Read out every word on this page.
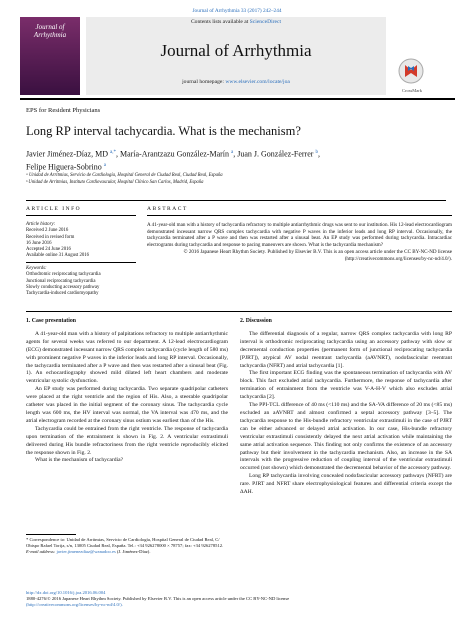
Journal of Arrhythmia 33 (2017) 242–244
Journal of Arrhythmia
Contents lists available at ScienceDirect
Journal of Arrhythmia
journal homepage: www.elsevier.com/locate/joa
CrossMark
EPS for Resident Physicians
Long RP interval tachycardia. What is the mechanism?
Javier Jiménez-Díaz, MD $^{a,*}$, María-Arantzazu González-Marín $^a$, Juan J. González-Ferrer $^b$,
Felipe Higuera-Sobrino $^a$
ᵃ Unidad de Arritmias, Servicio de Cardiología, Hospital General de Ciudad Real, Ciudad Real, España
ᵇ Unidad de Arritmias, Instituto Cardiovascular, Hospital Clínico San Carlos, Madrid, España
ARTICLE INFO	ABSTRACT
Article history:
Received 2 June 2016
Received in revised form
16 June 2016
Accepted 24 June 2016
Available online 31 August 2016
Keywords:
Orthodromic reciprocating tachycardia
Junctional reciprocating tachycardia
Slowly conducting accessory pathway
Tachycardia-induced cardiomyopathy
A 41-year-old man with a history of tachycardia refractory to multiple antiarrhythmic drugs was sent to our institution. His 12-lead electrocardiogram demonstrated incessant narrow QRS complex tachycardia with negative P waves in the inferior leads and long RP interval. Occasionally, the tachycardia terminated after a P wave and then was restarted after a sinusal beat. An EP study was performed during tachycardia. Intracardiac electrograms during tachycardia and response to pacing maneuvers are shown. What is the tachycardia mechanism?
© 2016 Japanese Heart Rhythm Society. Published by Elsevier B.V. This is an open access article under the CC BY-NC-ND license (http://creativecommons.org/licenses/by-nc-nd/4.0/).
1. Case presentation

A 41-year-old man with a history of palpitations refractory to multiple antiarrhythmic agents for several weeks was referred to our department. A 12-lead electrocardiogram (ECG) demonstrated incessant narrow QRS complex tachycardia (cycle length of 580 ms) with prominent negative P waves in the inferior leads and long RP interval. Occasionally, the tachycardia terminated after a P wave and then was restarted after a sinusal beat (Fig. 1). An echocardiography showed mild dilated left heart chambers and moderate ventricular systolic dysfunction.

An EP study was performed during tachycardia. Two separate quadripolar catheters were placed at the right ventricle and the region of His. Also, a steerable quadripolar catheter was placed in the initial segment of the coronary sinus. The tachycardia cycle length was 600 ms, the HV interval was normal, the VA interval was 470 ms, and the atrial electrogram recorded at the coronary sinus ostium was earliest than of the His.

Tachycardia could be entrained from the right ventricle. The response of tachycardia upon termination of the entrainment is shown in Fig. 2. A ventricular extrastimuli delivered during His bundle refractoriness from the right ventricle reproducibly elicited the response shown in Fig. 2.

What is the mechanism of tachycardia?

* Correspondence to: Unidad de Arritmias, Servicio de Cardiología, Hospital General de Ciudad Real, C/ Obispo Rafael Torija, s/n, 13005 Ciudad Real, España. Tel.: +34 926278000 × 78757; fax: +34 926278512.
E-mail address: javier.jimenezdiaz@wanadoo.es (J. Jiménez-Díaz).
2. Discussion

The differential diagnosis of a regular, narrow QRS complex tachycardia with long RP interval is orthodromic reciprocating tachycardia using an accessory pathway with slow or decremental conduction properties (permanent form of junctional reciprocating tachycardia [PJRT]), atypical AV nodal reentrant tachycardia (aAVNRT), nodofascicular reentrant tachycardia (NFRT) and atrial tachycardia [1].

The first important ECG finding was the spontaneous termination of tachycardia with AV block. This fact excluded atrial tachycardia. Furthermore, the response of tachycardia after termination of entrainment from the ventricle was V-A-H-V which also excludes atrial tachycardia [2].

The PPI-TCL difference of 40 ms (<110 ms) and the SA-VA difference of 20 ms (<85 ms) excluded an aAVNRT and almost confirmed a septal accessory pathway [3–5]. The tachycardia response to the His-bundle refractory ventricular extrastimuli in the case of PJRT can be either advanced or delayed atrial activation. In our case, His-bundle refractory ventricular extrastimuli consistently delayed the next atrial activation while maintaining the same atrial activation sequence. This finding not only confirms the existence of an accessory pathway but their involvement in the tachycardia mechanism. Also, an increase in the SA intervals with the progressive reduction of coupling interval of the ventricular extrastimuli occurred (not shown) which demonstrated the decremental behavior of the accessory pathway.

Long RP tachycardia involving concealed nodofascicular accessory pathways (NFRT) are rare. PJRT and NFRT share electrophysiological features and differential criteria except the ΔAH.

http://dx.doi.org/10.1016/j.joa.2016.06.004
1880-4276/© 2016 Japanese Heart Rhythm Society. Published by Elsevier B.V. This is an open access article under the CC BY-NC-ND license
(http://creativecommons.org/licenses/by-nc-nd/4.0/).
